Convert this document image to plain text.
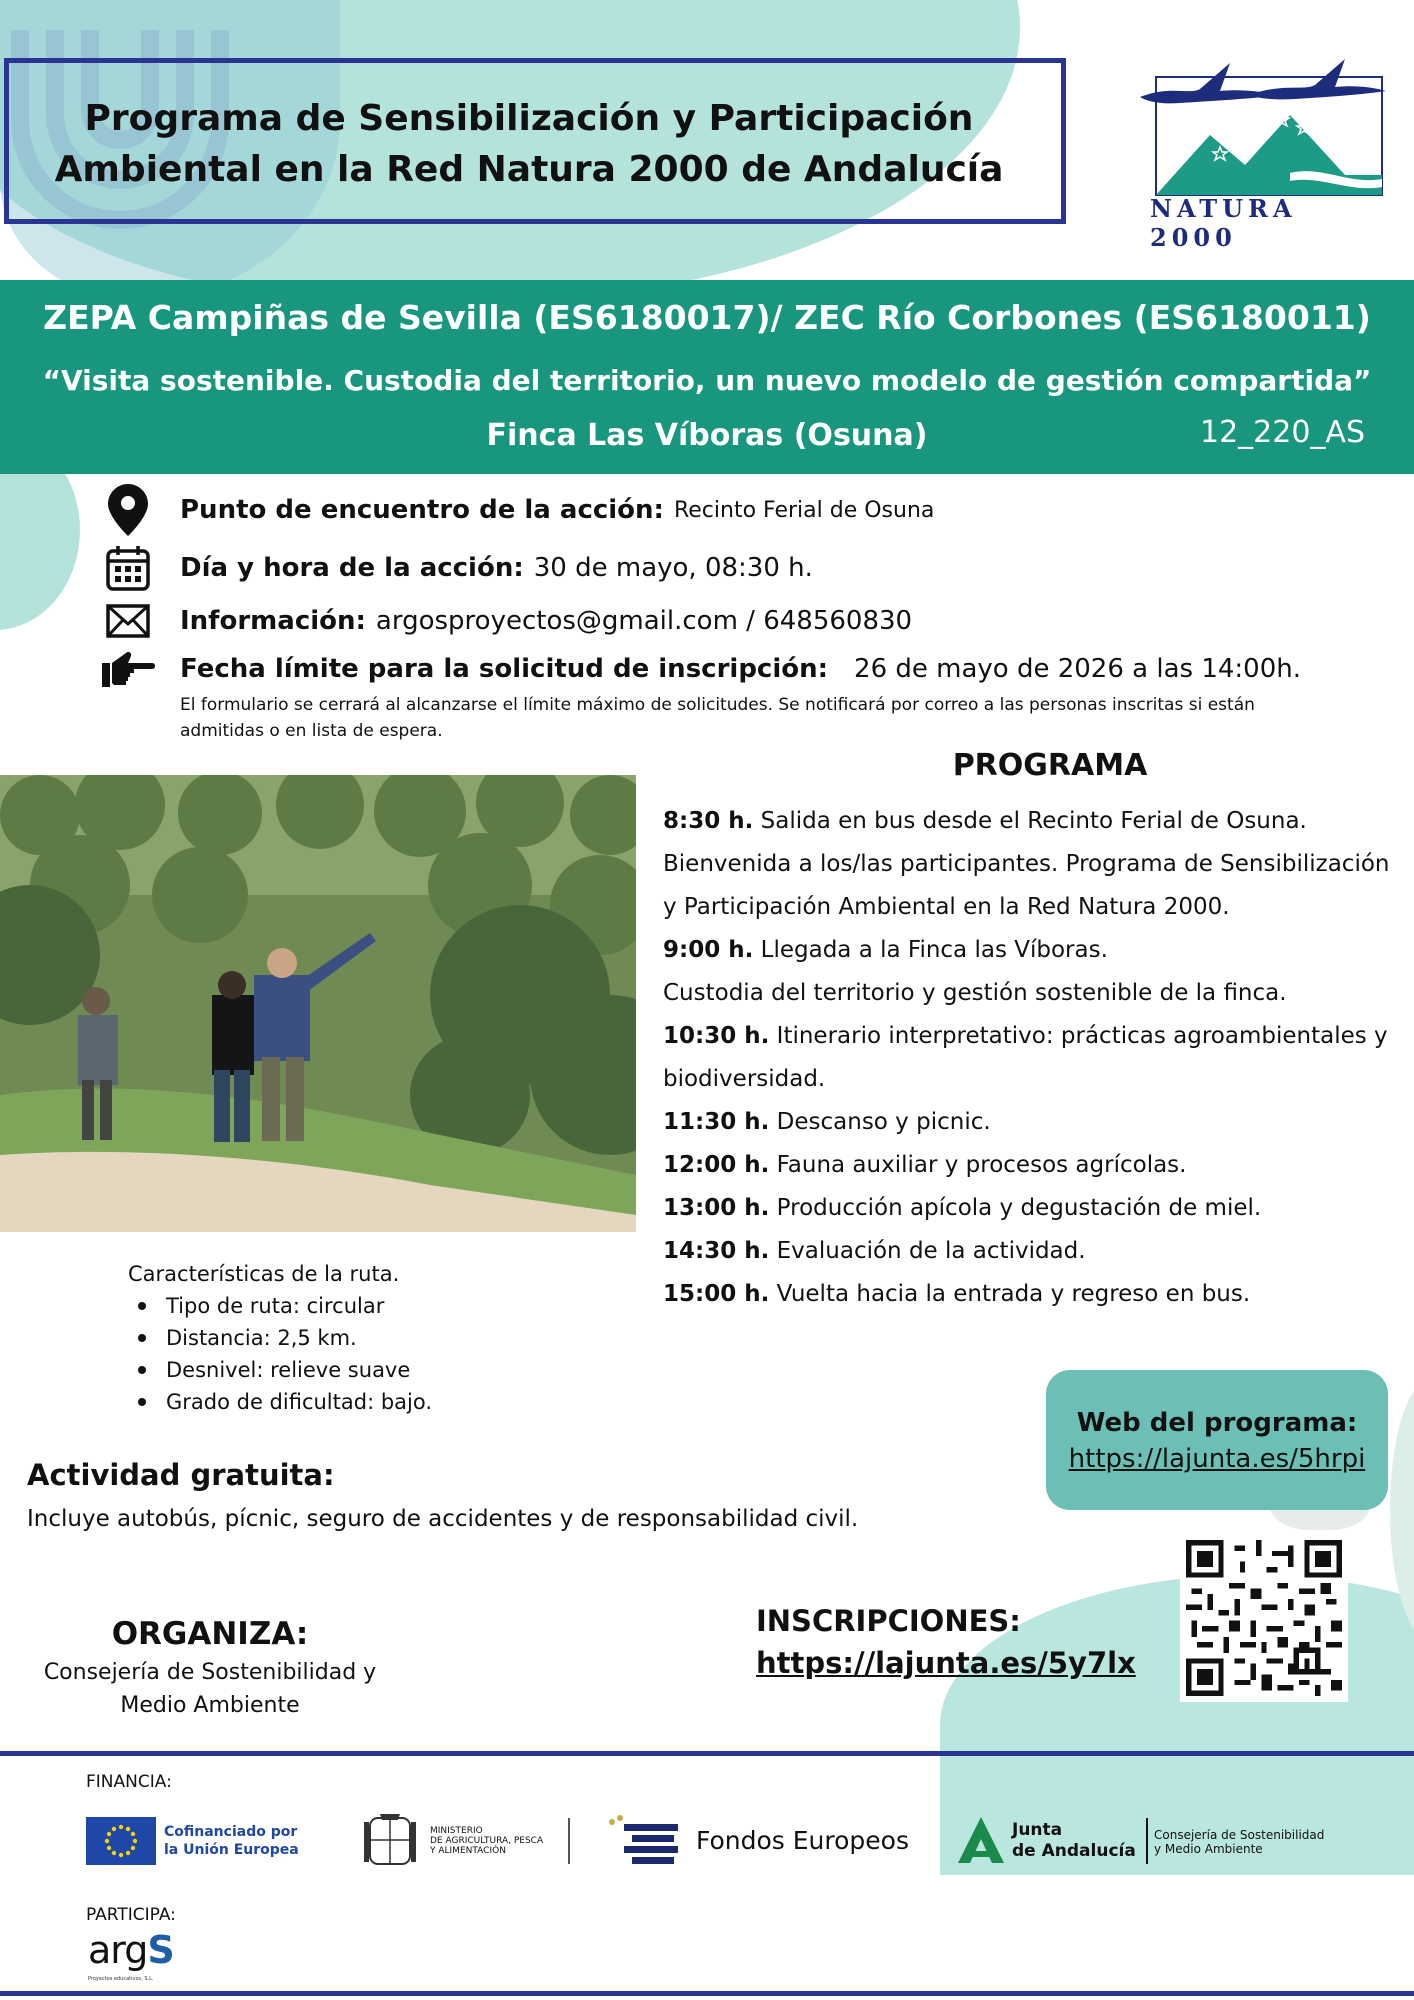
Programa de Sensibilización y Participación
Ambiental en la Red Natura 2000 de Andalucía
NATURA 2000
ZEPA Campiñas de Sevilla (ES6180017)/ ZEC Río Corbones (ES6180011)
“Visita sostenible. Custodia del territorio, un nuevo modelo de gestión compartida”
Finca Las Víboras (Osuna)	12_220_AS
Punto de encuentro de la acción: Recinto Ferial de Osuna
Día y hora de la acción: 30 de mayo, 08:30 h.
Información: argosproyectos@gmail.com / 648560830
Fecha límite para la solicitud de inscripción: 26 de mayo de 2026 a las 14:00h.
El formulario se cerrará al alcanzarse el límite máximo de solicitudes. Se notificará por correo a las personas inscritas si están admitidas o en lista de espera.
Características de la ruta.
Tipo de ruta: circular
Distancia: 2,5 km.
Desnivel: relieve suave
Grado de dificultad: bajo.
PROGRAMA
8:30 h. Salida en bus desde el Recinto Ferial de Osuna.
Bienvenida a los/las participantes. Programa de Sensibilización y Participación Ambiental en la Red Natura 2000.
9:00 h. Llegada a la Finca las Víboras.
Custodia del territorio y gestión sostenible de la finca.
10:30 h. Itinerario interpretativo: prácticas agroambientales y biodiversidad.
11:30 h. Descanso y picnic.
12:00 h. Fauna auxiliar y procesos agrícolas.
13:00 h. Producción apícola y degustación de miel.
14:30 h. Evaluación de la actividad.
15:00 h. Vuelta hacia la entrada y regreso en bus.
Web del programa:
https://lajunta.es/5hrpi
Actividad gratuita:
Incluye autobús, pícnic, seguro de accidentes y de responsabilidad civil.
ORGANIZA:
Consejería de Sostenibilidad y
Medio Ambiente
INSCRIPCIONES:
https://lajunta.es/5y7lx
FINANCIA:
Cofinanciado por
la Unión Europea
MINISTERIO
DE AGRICULTURA, PESCA
Y ALIMENTACIÓN	Fondos Europeos	Junta
de Andalucía
Consejería de Sostenibilidad
y Medio Ambiente
PARTICIPA:
argS
Proyectos educativos, S.L.
